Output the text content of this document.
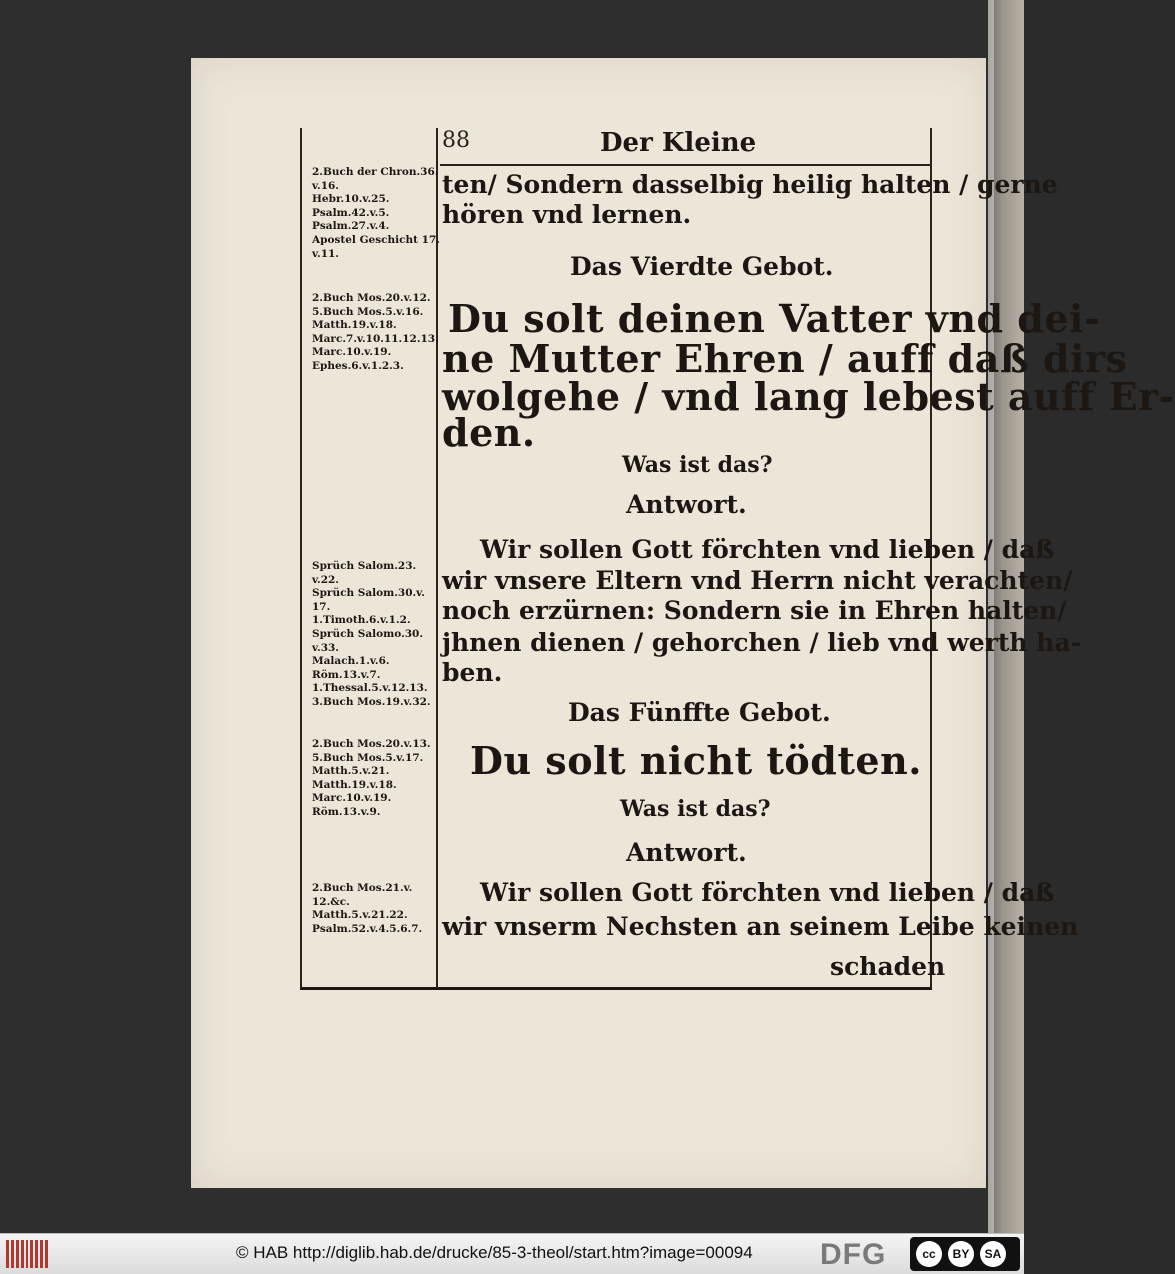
88	Der Kleine
ten/ Sondern dasselbig heilig halten / gerne
hören vnd lernen.
Das Vierdte Gebot.
Du solt deinen Vatter vnd dei-
ne Mutter Ehren / auff daß dirs
wolgehe / vnd lang lebest auff Er-
den.
Was ist das?
Antwort.
Wir sollen Gott förchten vnd lieben / daß
wir vnsere Eltern vnd Herrn nicht verachten/
noch erzürnen: Sondern sie in Ehren halten/
jhnen dienen / gehorchen / lieb vnd werth ha-
ben.
Das Fünffte Gebot.
Du solt nicht tödten.
Was ist das?
Antwort.
Wir sollen Gott förchten vnd lieben / daß
wir vnserm Nechsten an seinem Leibe keinen
schaden
2.Buch der Chron.36.
v.16.
Hebr.10.v.25.
Psalm.42.v.5.
Psalm.27.v.4.
Apostel Geschicht 17.
v.11.
2.Buch Mos.20.v.12.
5.Buch Mos.5.v.16.
Matth.19.v.18.
Marc.7.v.10.11.12.13.
Marc.10.v.19.
Ephes.6.v.1.2.3.
Sprüch Salom.23.
v.22.
Sprüch Salom.30.v.
17.
1.Timoth.6.v.1.2.
Sprüch Salomo.30.
v.33.
Malach.1.v.6.
Röm.13.v.7.
1.Thessal.5.v.12.13.
3.Buch Mos.19.v.32.
2.Buch Mos.20.v.13.
5.Buch Mos.5.v.17.
Matth.5.v.21.
Matth.19.v.18.
Marc.10.v.19.
Röm.13.v.9.
2.Buch Mos.21.v.
12.&c.
Matth.5.v.21.22.
Psalm.52.v.4.5.6.7.
© HAB http://diglib.hab.de/drucke/85-3-theol/start.htm?image=00094 DFG	cc	BY	SA
